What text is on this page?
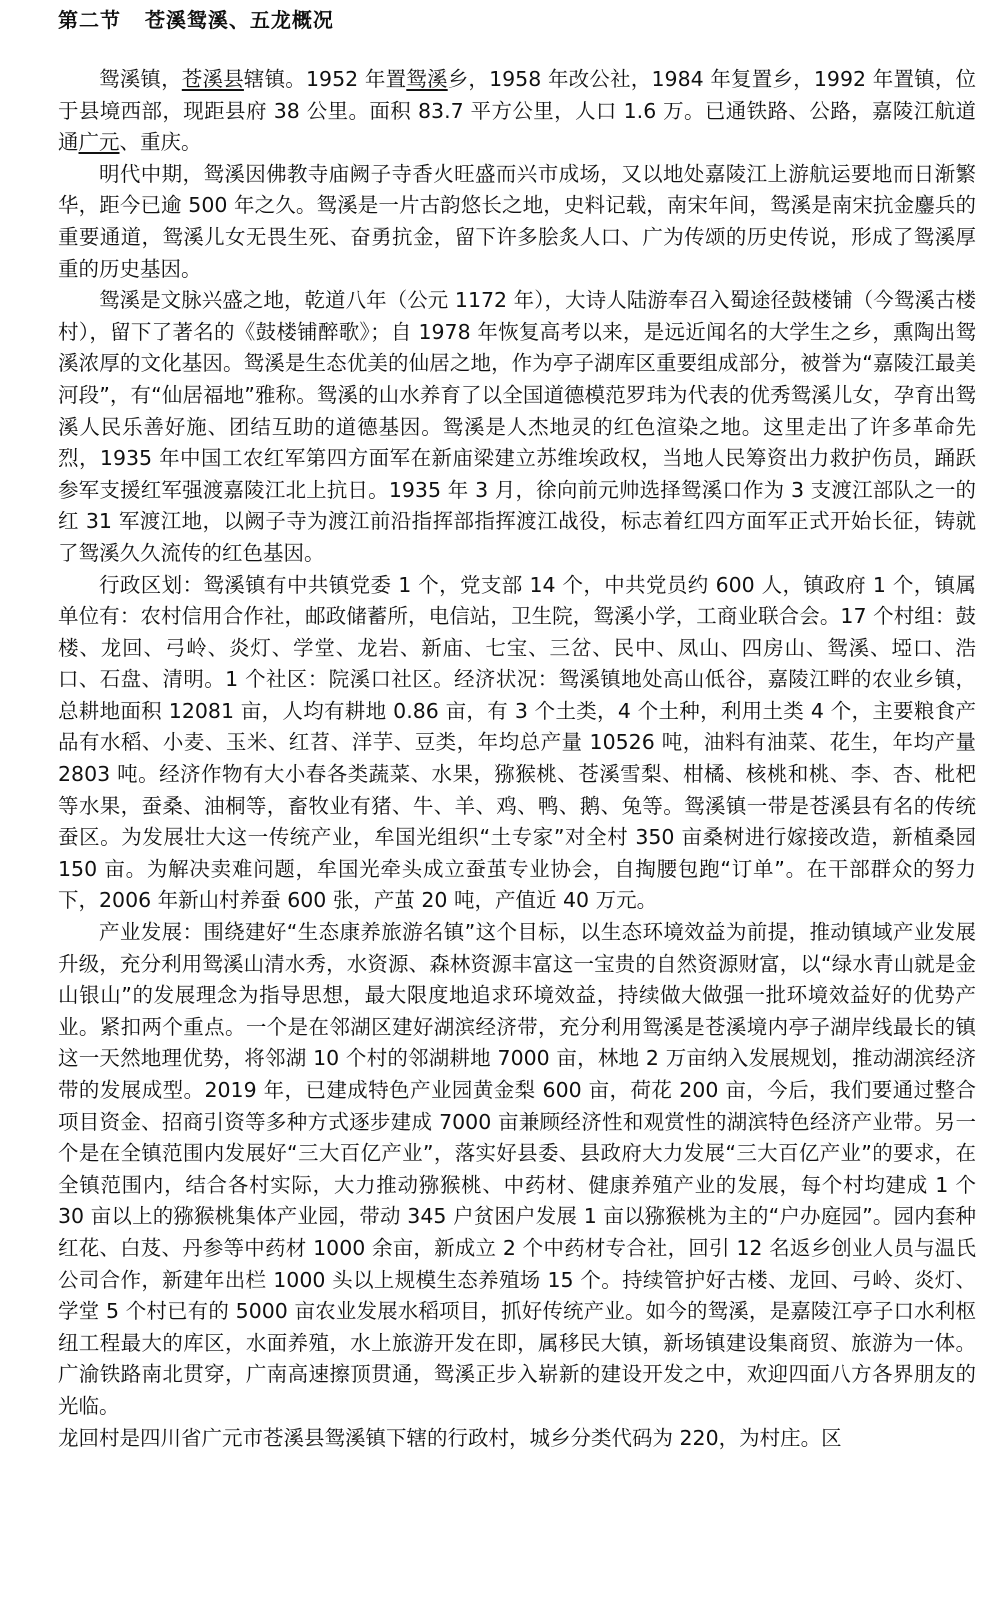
第二节 苍溪鸳溪、五龙概况

鸳溪镇，苍溪县辖镇。1952 年置鸳溪乡，1958 年改公社，1984 年复置乡，1992 年置镇，位于县境西部，现距县府 38 公里。面积 83.7 平方公里，人口 1.6 万。已通铁路、公路，嘉陵江航道通广元、重庆。

明代中期，鸳溪因佛教寺庙阙子寺香火旺盛而兴市成场，又以地处嘉陵江上游航运要地而日渐繁华，距今已逾 500 年之久。鸳溪是一片古韵悠长之地，史料记载，南宋年间，鸳溪是南宋抗金鏖兵的重要通道，鸳溪儿女无畏生死、奋勇抗金，留下许多脍炙人口、广为传颂的历史传说，形成了鸳溪厚重的历史基因。

鸳溪是文脉兴盛之地，乾道八年（公元 1172 年），大诗人陆游奉召入蜀途径鼓楼铺（今鸳溪古楼村），留下了著名的《鼓楼铺醉歌》；自 1978 年恢复高考以来，是远近闻名的大学生之乡，熏陶出鸳溪浓厚的文化基因。鸳溪是生态优美的仙居之地，作为亭子湖库区重要组成部分，被誉为“嘉陵江最美河段”，有“仙居福地”雅称。鸳溪的山水养育了以全国道德模范罗玮为代表的优秀鸳溪儿女，孕育出鸳溪人民乐善好施、团结互助的道德基因。鸳溪是人杰地灵的红色渲染之地。这里走出了许多革命先烈，1935 年中国工农红军第四方面军在新庙梁建立苏维埃政权，当地人民筹资出力救护伤员，踊跃参军支援红军强渡嘉陵江北上抗日。1935 年 3 月，徐向前元帅选择鸳溪口作为 3 支渡江部队之一的红 31 军渡江地，以阙子寺为渡江前沿指挥部指挥渡江战役，标志着红四方面军正式开始长征，铸就了鸳溪久久流传的红色基因。

行政区划：鸳溪镇有中共镇党委 1 个，党支部 14 个，中共党员约 600 人，镇政府 1 个，镇属单位有：农村信用合作社，邮政储蓄所，电信站，卫生院，鸳溪小学，工商业联合会。17 个村组：鼓楼、龙回、弓岭、炎灯、学堂、龙岩、新庙、七宝、三岔、民中、凤山、四房山、鸳溪、埡口、浩口、石盘、清明。1 个社区：院溪口社区。经济状况：鸳溪镇地处高山低谷，嘉陵江畔的农业乡镇，总耕地面积 12081 亩，人均有耕地 0.86 亩，有 3 个土类，4 个土种，利用土类 4 个，主要粮食产品有水稻、小麦、玉米、红苕、洋芋、豆类，年均总产量 10526 吨，油料有油菜、花生，年均产量 2803 吨。经济作物有大小春各类蔬菜、水果，猕猴桃、苍溪雪梨、柑橘、核桃和桃、李、杏、枇杷等水果，蚕桑、油桐等，畜牧业有猪、牛、羊、鸡、鸭、鹅、兔等。鸳溪镇一带是苍溪县有名的传统蚕区。为发展壮大这一传统产业，牟国光组织“土专家”对全村 350 亩桑树进行嫁接改造，新植桑园 150 亩。为解决卖难问题，牟国光牵头成立蚕茧专业协会，自掏腰包跑“订单”。在干部群众的努力下，2006 年新山村养蚕 600 张，产茧 20 吨，产值近 40 万元。

产业发展：围绕建好“生态康养旅游名镇”这个目标，以生态环境效益为前提，推动镇域产业发展升级，充分利用鸳溪山清水秀，水资源、森林资源丰富这一宝贵的自然资源财富，以“绿水青山就是金山银山”的发展理念为指导思想，最大限度地追求环境效益，持续做大做强一批环境效益好的优势产业。紧扣两个重点。一个是在邻湖区建好湖滨经济带，充分利用鸳溪是苍溪境内亭子湖岸线最长的镇这一天然地理优势，将邻湖 10 个村的邻湖耕地 7000 亩，林地 2 万亩纳入发展规划，推动湖滨经济带的发展成型。2019 年，已建成特色产业园黄金梨 600 亩，荷花 200 亩，今后，我们要通过整合项目资金、招商引资等多种方式逐步建成 7000 亩兼顾经济性和观赏性的湖滨特色经济产业带。另一个是在全镇范围内发展好“三大百亿产业”，落实好县委、县政府大力发展“三大百亿产业”的要求，在全镇范围内，结合各村实际，大力推动猕猴桃、中药材、健康养殖产业的发展，每个村均建成 1 个 30 亩以上的猕猴桃集体产业园，带动 345 户贫困户发展 1 亩以猕猴桃为主的“户办庭园”。园内套种红花、白芨、丹参等中药材 1000 余亩，新成立 2 个中药材专合社，回引 12 名返乡创业人员与温氏公司合作，新建年出栏 1000 头以上规模生态养殖场 15 个。持续管护好古楼、龙回、弓岭、炎灯、学堂 5 个村已有的 5000 亩农业发展水稻项目，抓好传统产业。如今的鸳溪，是嘉陵江亭子口水利枢纽工程最大的库区，水面养殖，水上旅游开发在即，属移民大镇，新场镇建设集商贸、旅游为一体。广渝铁路南北贯穿，广南高速擦顶贯通，鸳溪正步入崭新的建设开发之中，欢迎四面八方各界朋友的光临。

龙回村是四川省广元市苍溪县鸳溪镇下辖的行政村，城乡分类代码为 220，为村庄。区
